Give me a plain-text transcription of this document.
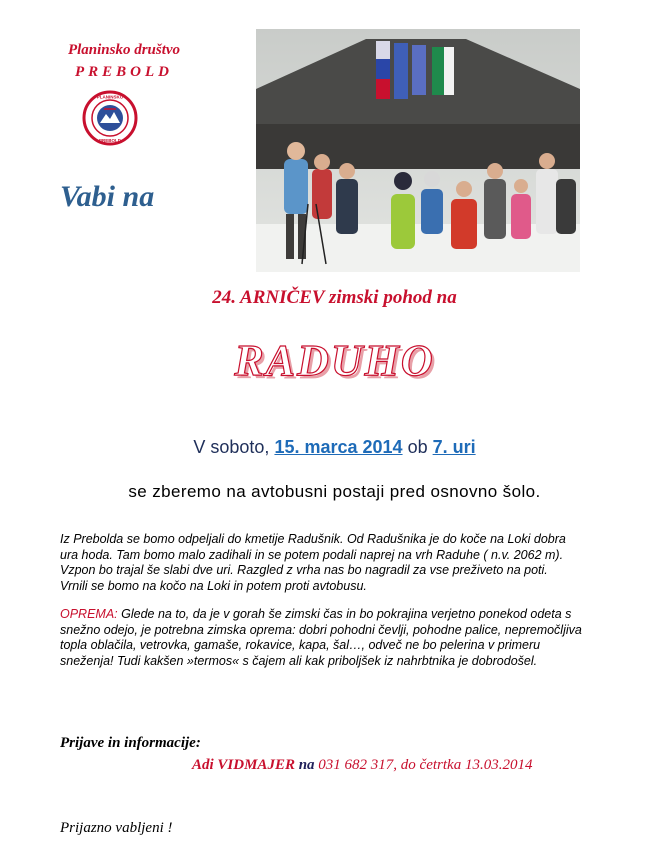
Planinsko društvo
PREBOLD
PLANINSKO
PREBOLD
Vabi na
24. ARNIČEV zimski pohod na
RADUHO
V soboto, 15. marca 2014 ob 7. uri
se zberemo na avtobusni postaji pred osnovno šolo.
Iz Prebolda se bomo odpeljali do kmetije Radušnik. Od Radušnika je do koče na Loki dobra
ura hoda. Tam bomo malo zadihali in se potem podali naprej na vrh Raduhe ( n.v. 2062 m).
Vzpon bo trajal še slabi dve uri. Razgled z vrha nas bo nagradil za vse preživeto na poti.
Vrnili se bomo na kočo na Loki in potem proti avtobusu.
OPREMA: Glede na to, da je v gorah še zimski čas in bo pokrajina verjetno ponekod odeta s
snežno odejo, je potrebna zimska oprema: dobri pohodni čevlji, pohodne palice, nepremočljiva
topla oblačila, vetrovka, gamaše, rokavice, kapa, šal…, odveč ne bo pelerina v primeru
sneženja! Tudi kakšen »termos« s čajem ali kak priboljšek iz nahrbtnika je dobrodošel.
Prijave in informacije:
Adi VIDMAJER na 031 682 317, do četrtka 13.03.2014
Prijazno vabljeni !
